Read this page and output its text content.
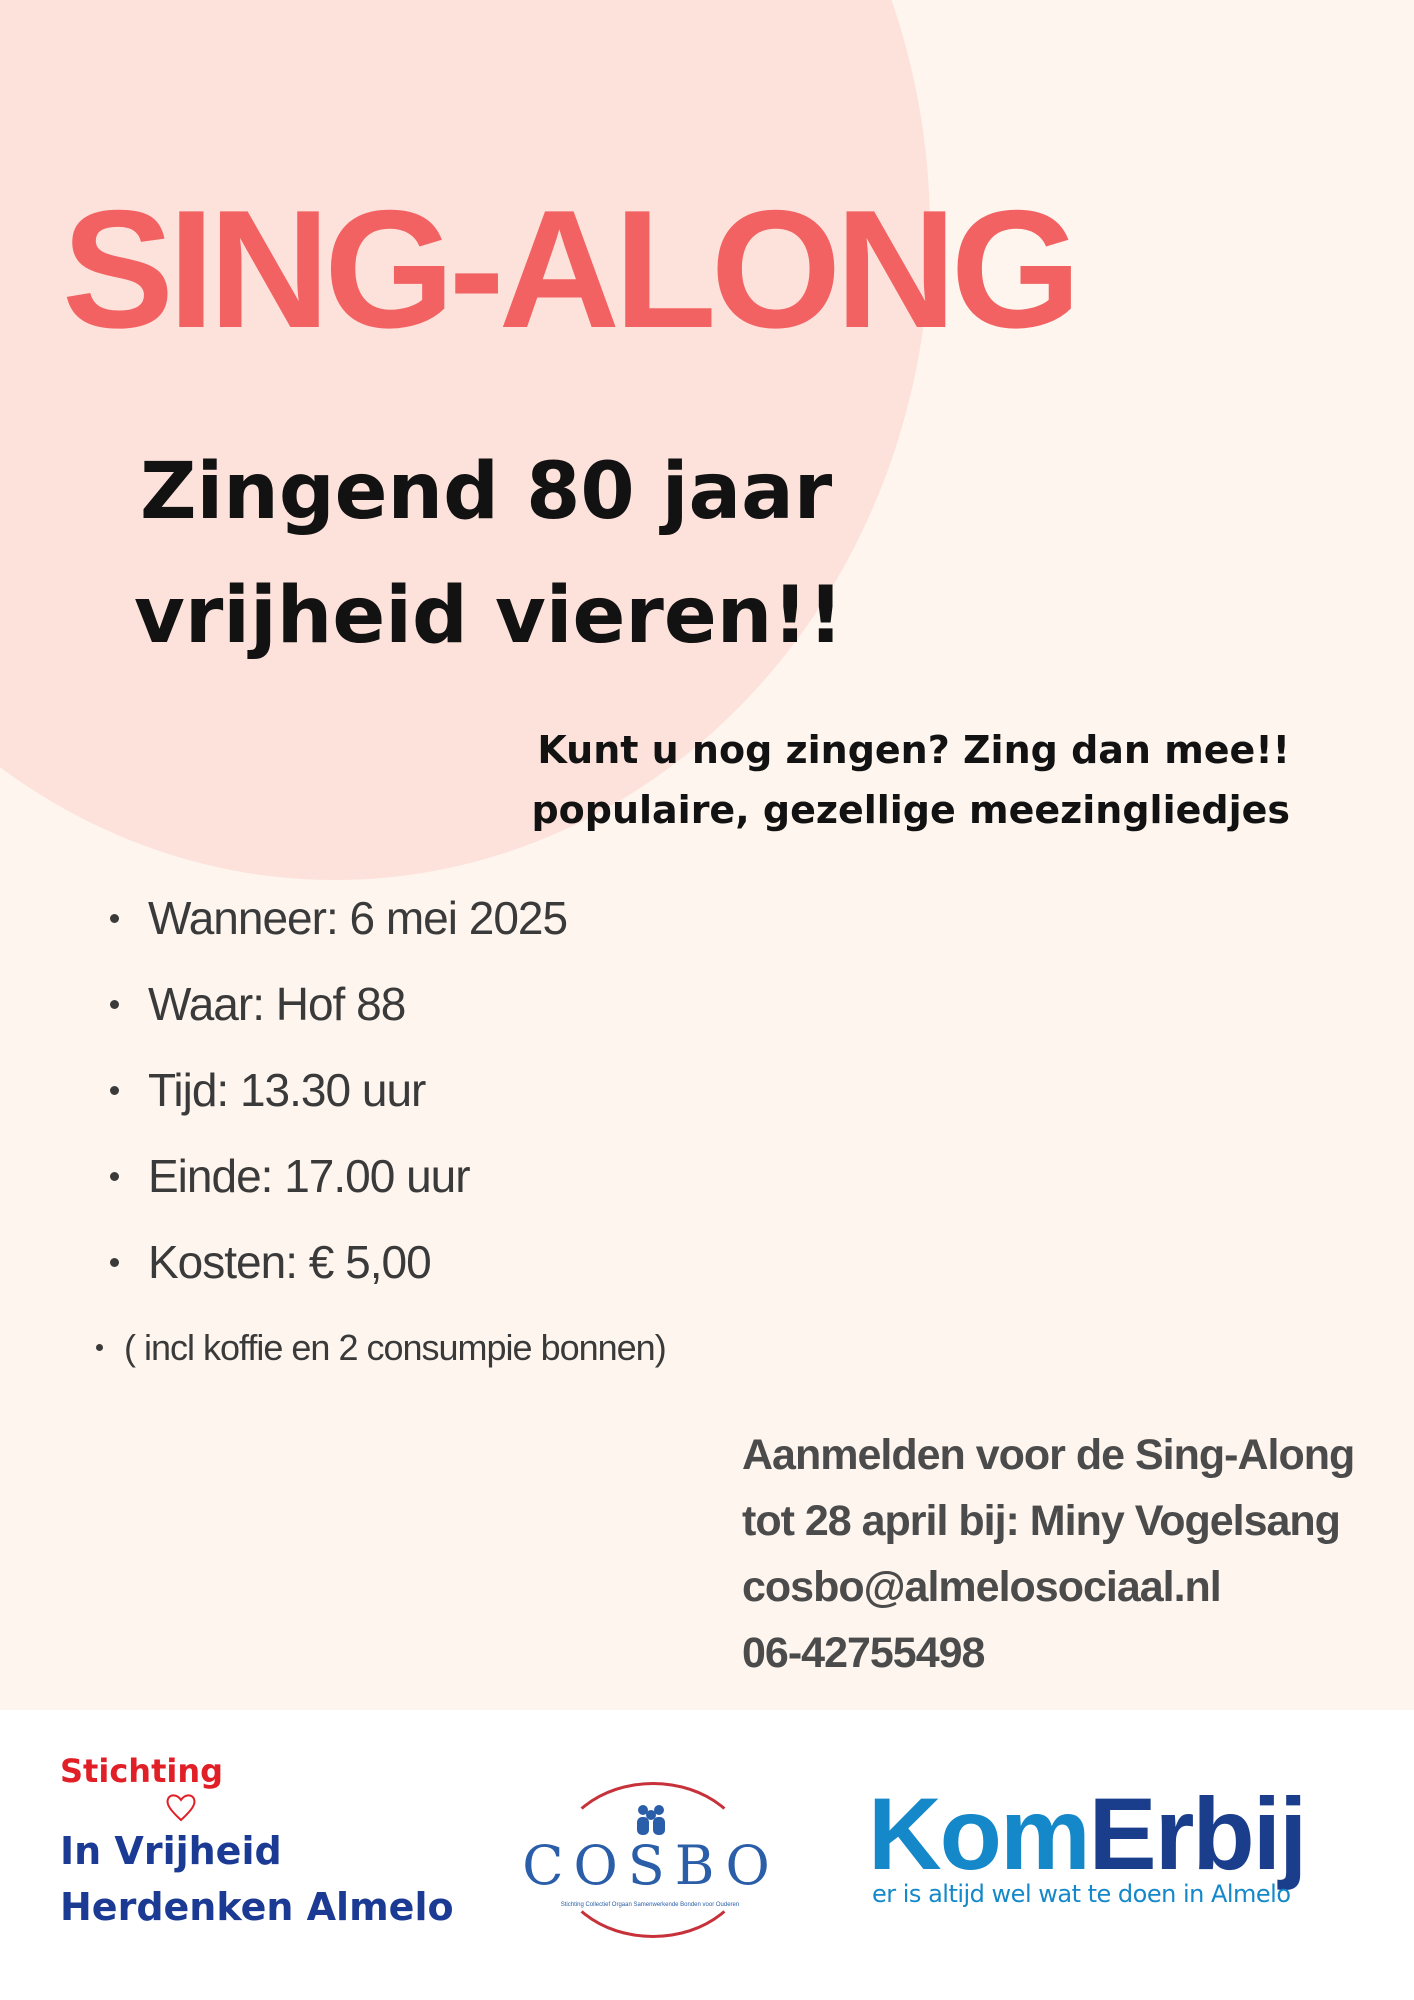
SING-ALONG
Zingend 80 jaar
vrijheid vieren!!
Kunt u nog zingen? Zing dan mee!!
populaire, gezellige meezingliedjes
Wanneer: 6 mei 2025
Waar: Hof 88
Tijd: 13.30 uur
Einde: 17.00 uur
Kosten: € 5,00
( incl koffie en 2 consumpie bonnen)
Aanmelden voor de Sing-Along
tot 28 april bij: Miny Vogelsang
cosbo@almelosociaal.nl
06-42755498
Stichting
In Vrijheid
Herdenken Almelo
COSBO
Stichting Collectief Orgaan Samenwerkende Bonden voor Ouderen
KomErbij
er is altijd wel wat te doen in Almelo
